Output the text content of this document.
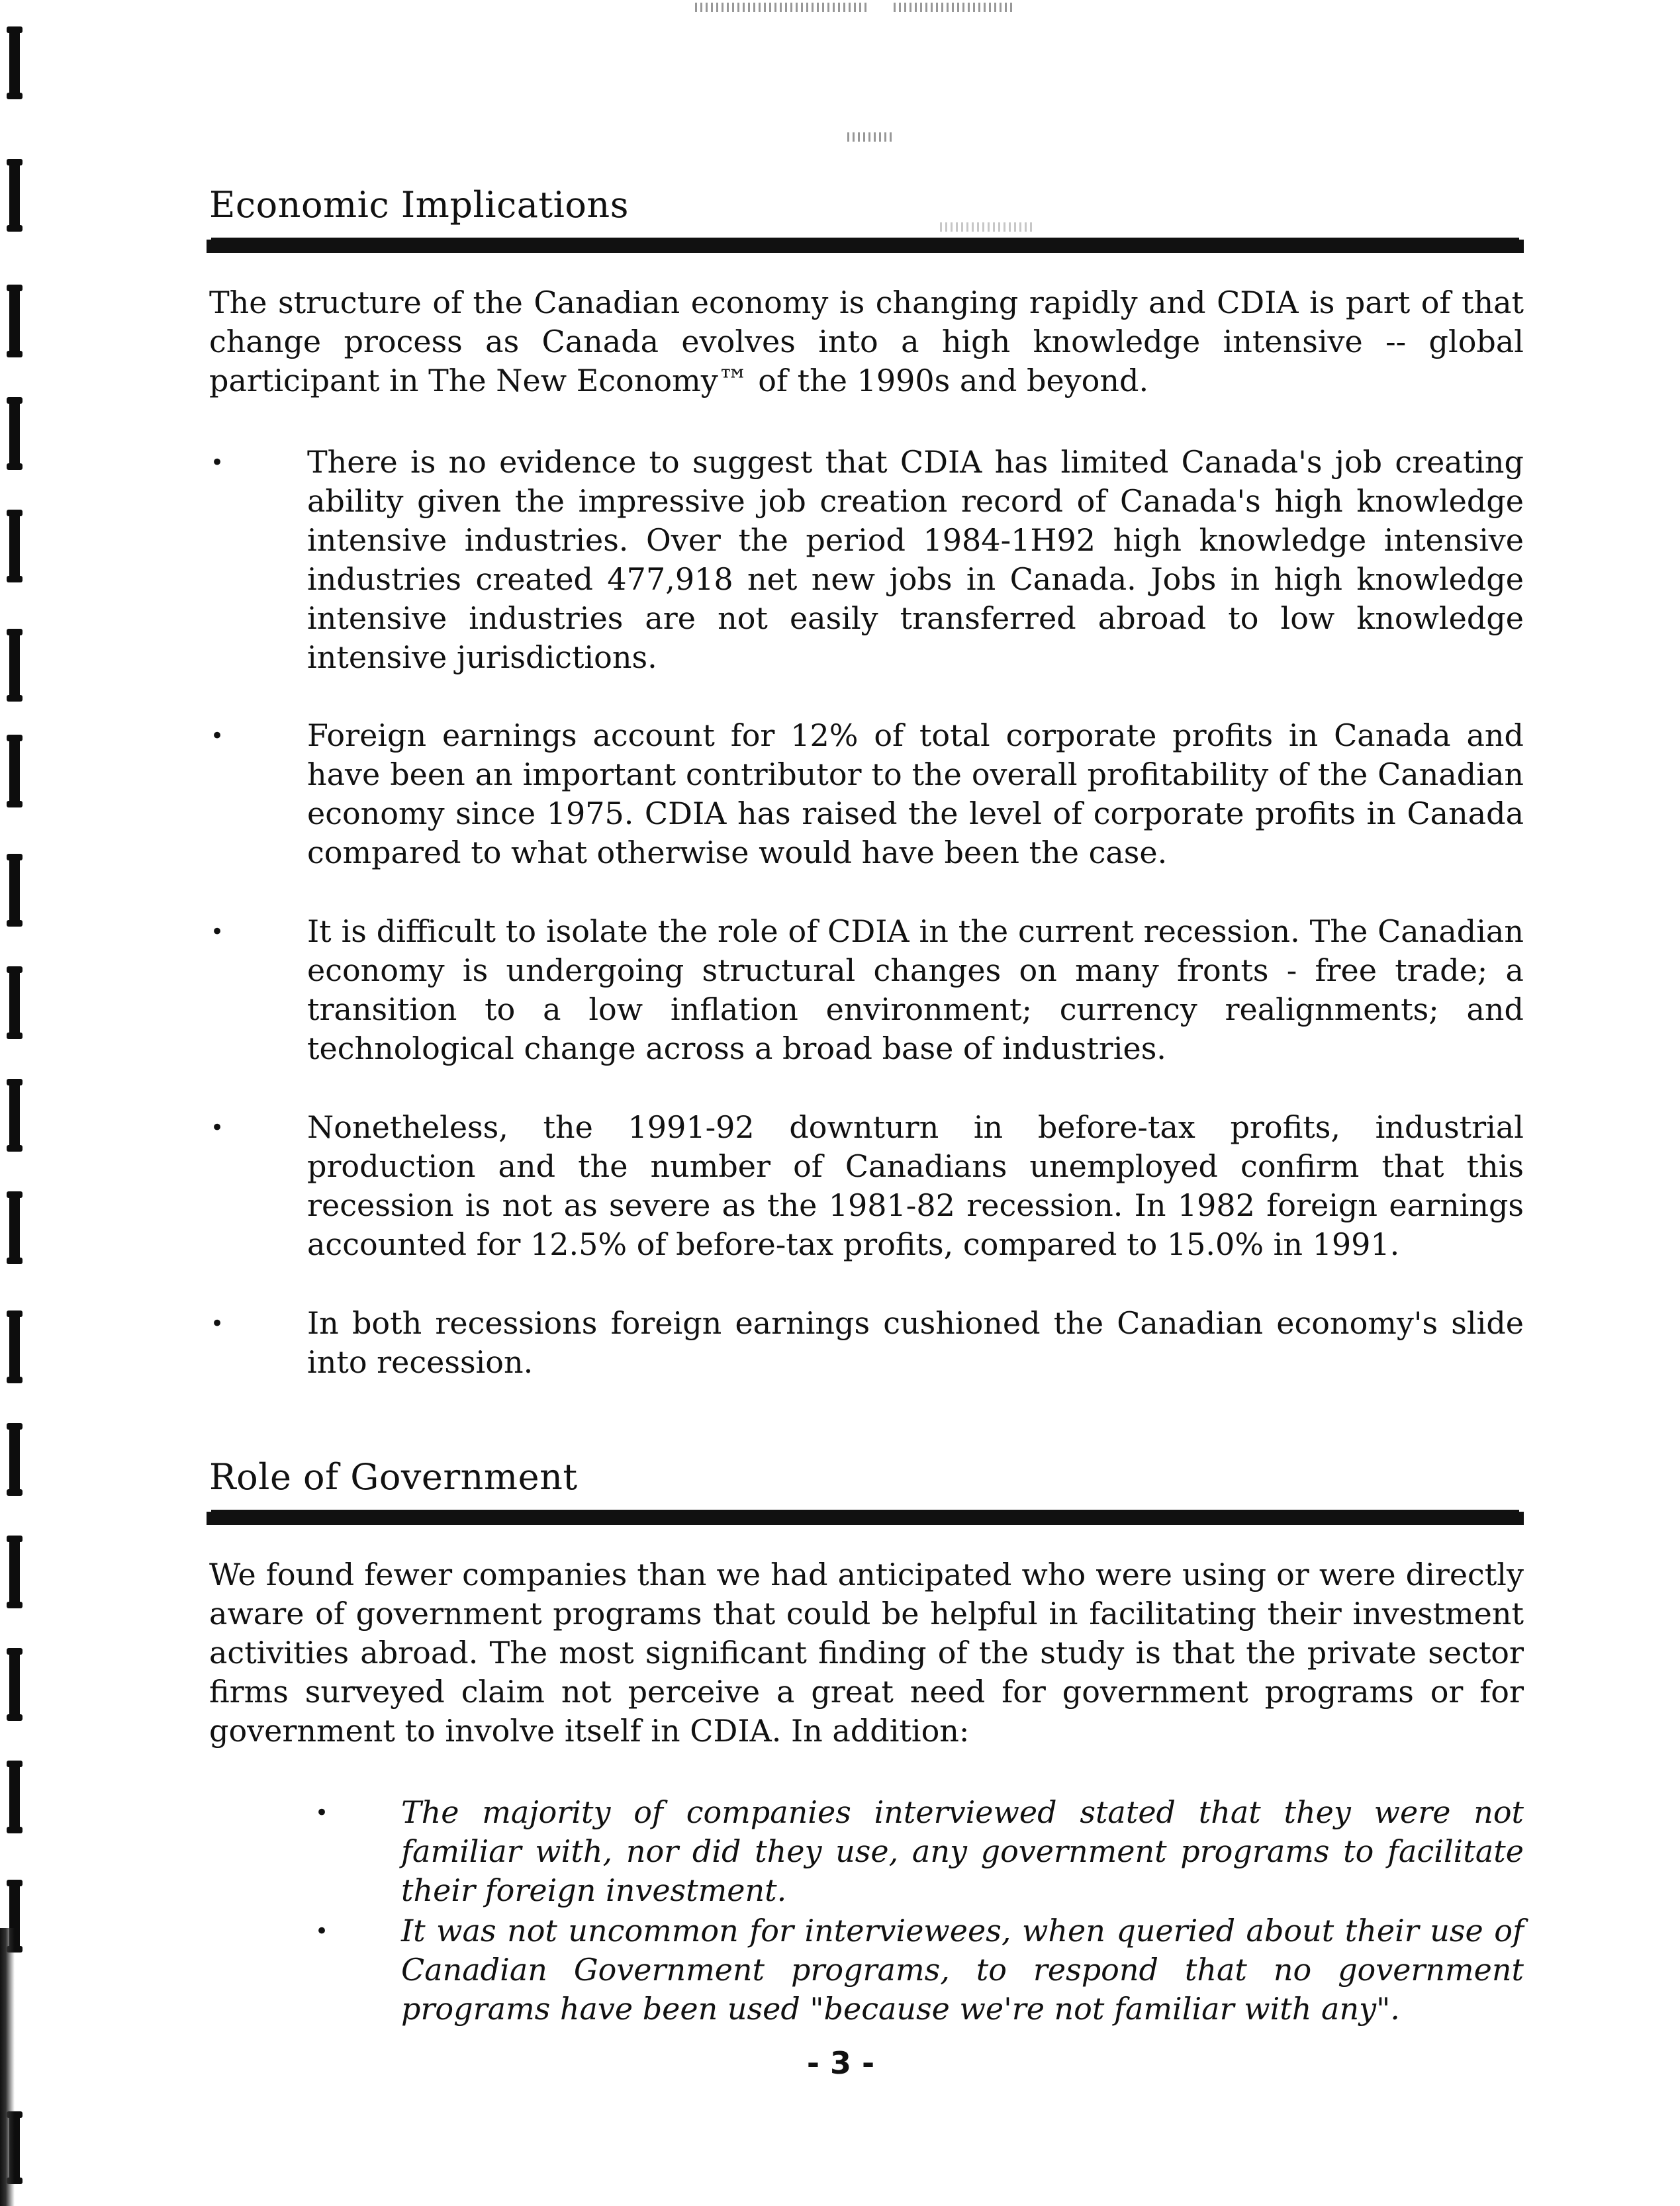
Economic Implications

The structure of the Canadian economy is changing rapidly and CDIA is part of that change process as Canada evolves into a high knowledge intensive -- global participant in The New Economy™ of the 1990s and beyond.

•	There is no evidence to suggest that CDIA has limited Canada's job creating ability given the impressive job creation record of Canada's high knowledge intensive industries. Over the period 1984-1H92 high knowledge intensive industries created 477,918 net new jobs in Canada. Jobs in high knowledge intensive industries are not easily transferred abroad to low knowledge intensive jurisdictions.

•	Foreign earnings account for 12% of total corporate profits in Canada and have been an important contributor to the overall profitability of the Canadian economy since 1975. CDIA has raised the level of corporate profits in Canada compared to what otherwise would have been the case.

•	It is difficult to isolate the role of CDIA in the current recession. The Canadian economy is undergoing structural changes on many fronts - free trade; a transition to a low inflation environment; currency realignments; and technological change across a broad base of industries.

•	Nonetheless, the 1991-92 downturn in before-tax profits, industrial production and the number of Canadians unemployed confirm that this recession is not as severe as the 1981-82 recession. In 1982 foreign earnings accounted for 12.5% of before-tax profits, compared to 15.0% in 1991.

•	In both recessions foreign earnings cushioned the Canadian economy's slide into recession.

Role of Government

We found fewer companies than we had anticipated who were using or were directly aware of government programs that could be helpful in facilitating their investment activities abroad. The most significant finding of the study is that the private sector firms surveyed claim not perceive a great need for government programs or for government to involve itself in CDIA. In addition:

• The majority of companies interviewed stated that they were not familiar with, nor did they use, any government programs to facilitate their foreign investment.

• It was not uncommon for interviewees, when queried about their use of Canadian Government programs, to respond that no government programs have been used "because we're not familiar with any".

- 3 -
